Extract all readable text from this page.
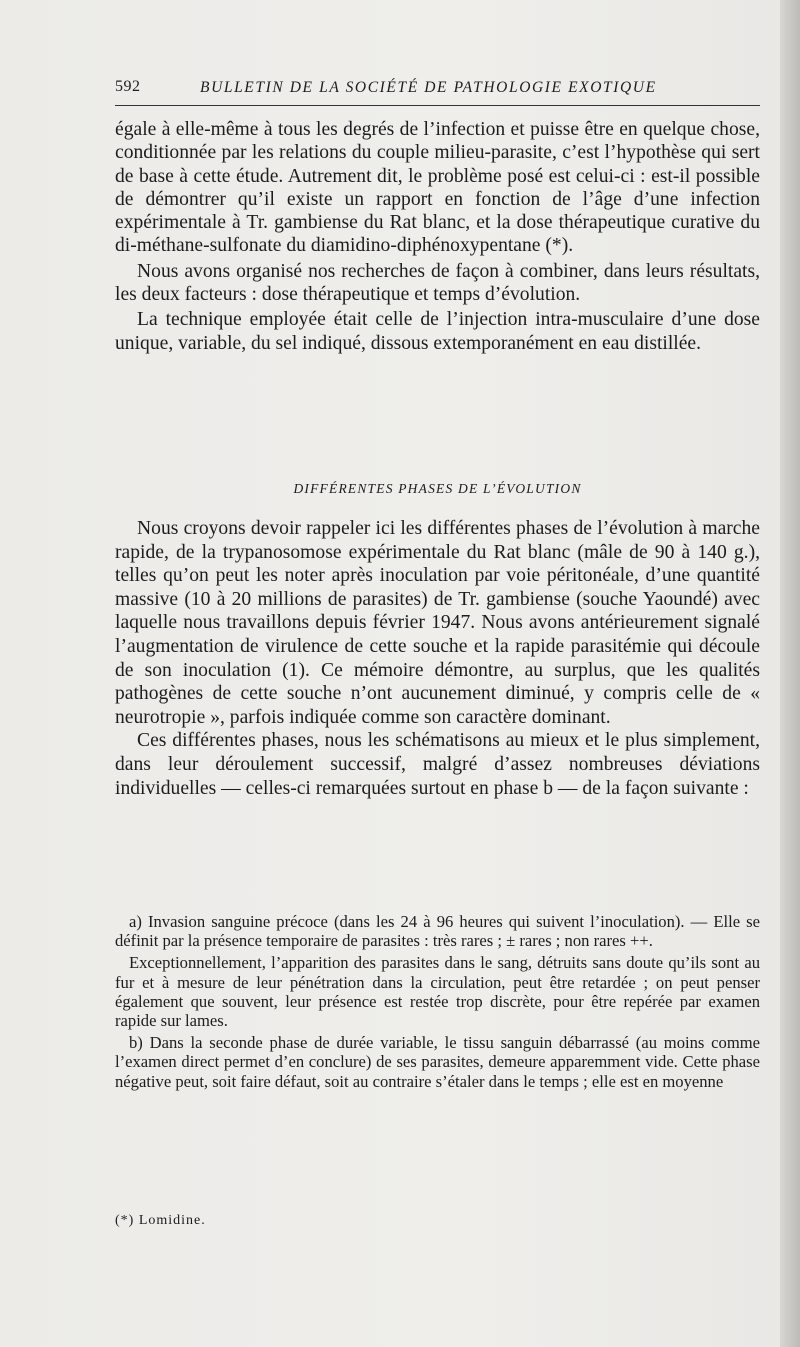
592	BULLETIN DE LA SOCIÉTÉ DE PATHOLOGIE EXOTIQUE

égale à elle-même à tous les degrés de l’infection et puisse être en quelque chose, conditionnée par les relations du couple milieu-parasite, c’est l’hypothèse qui sert de base à cette étude. Autrement dit, le problème posé est celui-ci : est-il possible de démontrer qu’il existe un rapport en fonction de l’âge d’une infection expérimentale à Tr. gambiense du Rat blanc, et la dose thérapeutique curative du di-méthane-sulfonate du diamidino-diphénoxypentane (*).

Nous avons organisé nos recherches de façon à combiner, dans leurs résultats, les deux facteurs : dose thérapeutique et temps d’évolution.

La technique employée était celle de l’injection intra-musculaire d’une dose unique, variable, du sel indiqué, dissous extemporanément en eau distillée.

DIFFÉRENTES PHASES DE L’ÉVOLUTION

Nous croyons devoir rappeler ici les différentes phases de l’évolution à marche rapide, de la trypanosomose expérimentale du Rat blanc (mâle de 90 à 140 g.), telles qu’on peut les noter après inoculation par voie péritonéale, d’une quantité massive (10 à 20 millions de parasites) de Tr. gambiense (souche Yaoundé) avec laquelle nous travaillons depuis février 1947. Nous avons antérieurement signalé l’augmentation de virulence de cette souche et la rapide parasitémie qui découle de son inoculation (1). Ce mémoire démontre, au surplus, que les qualités pathogènes de cette souche n’ont aucunement diminué, y compris celle de « neurotropie », parfois indiquée comme son caractère dominant.

Ces différentes phases, nous les schématisons au mieux et le plus simplement, dans leur déroulement successif, malgré d’assez nombreuses déviations individuelles — celles-ci remarquées surtout en phase b — de la façon suivante :

a) Invasion sanguine précoce (dans les 24 à 96 heures qui suivent l’inoculation). — Elle se définit par la présence temporaire de parasites : très rares ; ± rares ; non rares ++.

Exceptionnellement, l’apparition des parasites dans le sang, détruits sans doute qu’ils sont au fur et à mesure de leur pénétration dans la circulation, peut être retardée ; on peut penser également que souvent, leur présence est restée trop discrète, pour être repérée par examen rapide sur lames.

b) Dans la seconde phase de durée variable, le tissu sanguin débarrassé (au moins comme l’examen direct permet d’en conclure) de ses parasites, demeure apparemment vide. Cette phase négative peut, soit faire défaut, soit au contraire s’étaler dans le temps ; elle est en moyenne

(*) Lomidine.
